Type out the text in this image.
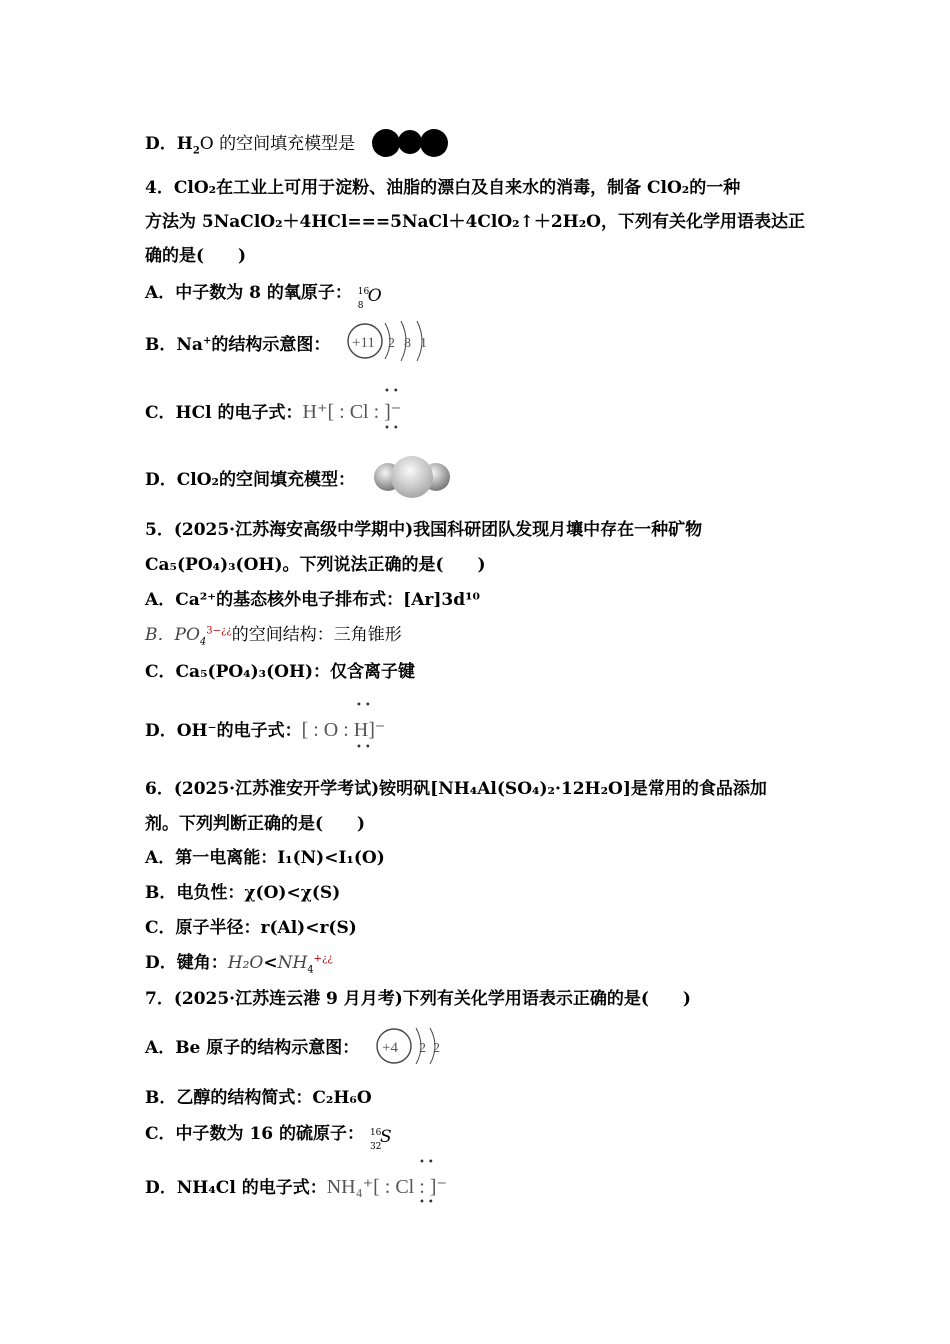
D．$H_2O$ 的空间填充模型是
4．ClO₂在工业上可用于淀粉、油脂的漂白及自来水的消毒，制备 ClO₂的一种
方法为 5NaClO₂＋4HCl===5NaCl＋4ClO₂↑＋2H₂O，下列有关化学用语表达正
确的是(　　)
A．中子数为 8 的氧原子： 16
8 O
B．Na+的结构示意图： +11 2 8 1
C．HCl 的电子式：H⁺[ : Cl : ]⁻
••
••
D．ClO₂的空间填充模型：
5．(2025·江苏海安高级中学期中)我国科研团队发现月壤中存在一种矿物
Ca₅(PO₄)₃(OH)。下列说法正确的是(　　)
A．Ca²⁺的基态核外电子排布式：[Ar]3d¹⁰
B．$PO_4^{3-¿¿}$的空间结构：三角锥形
C．Ca₅(PO₄)₃(OH)：仅含离子键
D．OH⁻的电子式：[ : O : H]⁻
••
••
6．(2025·江苏淮安开学考试)铵明矾[NH₄Al(SO₄)₂·12H₂O]是常用的食品添加
剂。下列判断正确的是(　　)
A．第一电离能：I₁(N)<I₁(O)
B．电负性：χ(O)<χ(S)
C．原子半径：r(Al)<r(S)
D．键角：$H_2O<NH_4^{+¿¿}$
7．(2025·江苏连云港 9 月月考)下列有关化学用语表示正确的是(　　)
A．Be 原子的结构示意图： +4 2 2
B．乙醇的结构简式：C₂H₆O
C．中子数为 16 的硫原子： 16
32
S
D．NH₄Cl 的电子式：NH₄⁺[ : Cl : ]⁻
••
••
